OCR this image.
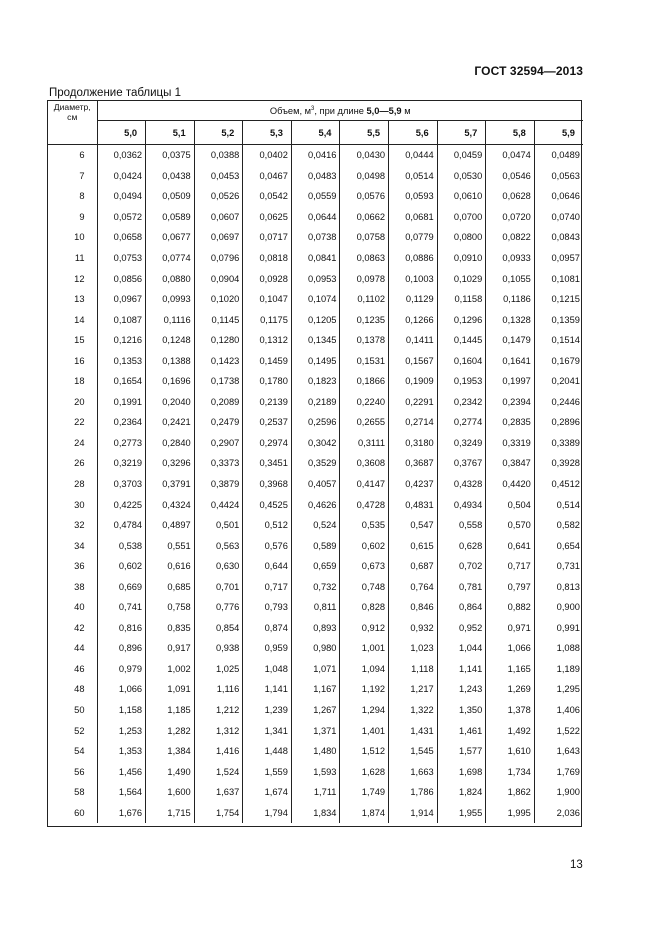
ГОСТ 32594—2013
Продолжение таблицы 1
Диаметр,
см	Объем, $м^3$, при длине 5,0—5,9 м									
	5,0	5,1	5,2	5,3	5,4	5,5	5,6	5,7	5,8	5,9
6	0,0362	0,0375	0,0388	0,0402	0,0416	0,0430	0,0444	0,0459	0,0474	0,0489
7	0,0424	0,0438	0,0453	0,0467	0,0483	0,0498	0,0514	0,0530	0,0546	0,0563
8	0,0494	0,0509	0,0526	0,0542	0,0559	0,0576	0,0593	0,0610	0,0628	0,0646
9	0,0572	0,0589	0,0607	0,0625	0,0644	0,0662	0,0681	0,0700	0,0720	0,0740
10	0,0658	0,0677	0,0697	0,0717	0,0738	0,0758	0,0779	0,0800	0,0822	0,0843
11	0,0753	0,0774	0,0796	0,0818	0,0841	0,0863	0,0886	0,0910	0,0933	0,0957
12	0,0856	0,0880	0,0904	0,0928	0,0953	0,0978	0,1003	0,1029	0,1055	0,1081
13	0,0967	0,0993	0,1020	0,1047	0,1074	0,1102	0,1129	0,1158	0,1186	0,1215
14	0,1087	0,1116	0,1145	0,1175	0,1205	0,1235	0,1266	0,1296	0,1328	0,1359
15	0,1216	0,1248	0,1280	0,1312	0,1345	0,1378	0,1411	0,1445	0,1479	0,1514
16	0,1353	0,1388	0,1423	0,1459	0,1495	0,1531	0,1567	0,1604	0,1641	0,1679
18	0,1654	0,1696	0,1738	0,1780	0,1823	0,1866	0,1909	0,1953	0,1997	0,2041
20	0,1991	0,2040	0,2089	0,2139	0,2189	0,2240	0,2291	0,2342	0,2394	0,2446
22	0,2364	0,2421	0,2479	0,2537	0,2596	0,2655	0,2714	0,2774	0,2835	0,2896
24	0,2773	0,2840	0,2907	0,2974	0,3042	0,3111	0,3180	0,3249	0,3319	0,3389
26	0,3219	0,3296	0,3373	0,3451	0,3529	0,3608	0,3687	0,3767	0,3847	0,3928
28	0,3703	0,3791	0,3879	0,3968	0,4057	0,4147	0,4237	0,4328	0,4420	0,4512
30	0,4225	0,4324	0,4424	0,4525	0,4626	0,4728	0,4831	0,4934	0,504	0,514
32	0,4784	0,4897	0,501	0,512	0,524	0,535	0,547	0,558	0,570	0,582
34	0,538	0,551	0,563	0,576	0,589	0,602	0,615	0,628	0,641	0,654
36	0,602	0,616	0,630	0,644	0,659	0,673	0,687	0,702	0,717	0,731
38	0,669	0,685	0,701	0,717	0,732	0,748	0,764	0,781	0,797	0,813
40	0,741	0,758	0,776	0,793	0,811	0,828	0,846	0,864	0,882	0,900
42	0,816	0,835	0,854	0,874	0,893	0,912	0,932	0,952	0,971	0,991
44	0,896	0,917	0,938	0,959	0,980	1,001	1,023	1,044	1,066	1,088
46	0,979	1,002	1,025	1,048	1,071	1,094	1,118	1,141	1,165	1,189
48	1,066	1,091	1,116	1,141	1,167	1,192	1,217	1,243	1,269	1,295
50	1,158	1,185	1,212	1,239	1,267	1,294	1,322	1,350	1,378	1,406
52	1,253	1,282	1,312	1,341	1,371	1,401	1,431	1,461	1,492	1,522
54	1,353	1,384	1,416	1,448	1,480	1,512	1,545	1,577	1,610	1,643
56	1,456	1,490	1,524	1,559	1,593	1,628	1,663	1,698	1,734	1,769
58	1,564	1,600	1,637	1,674	1,711	1,749	1,786	1,824	1,862	1,900
60	1,676	1,715	1,754	1,794	1,834	1,874	1,914	1,955	1,995	2,036
13
